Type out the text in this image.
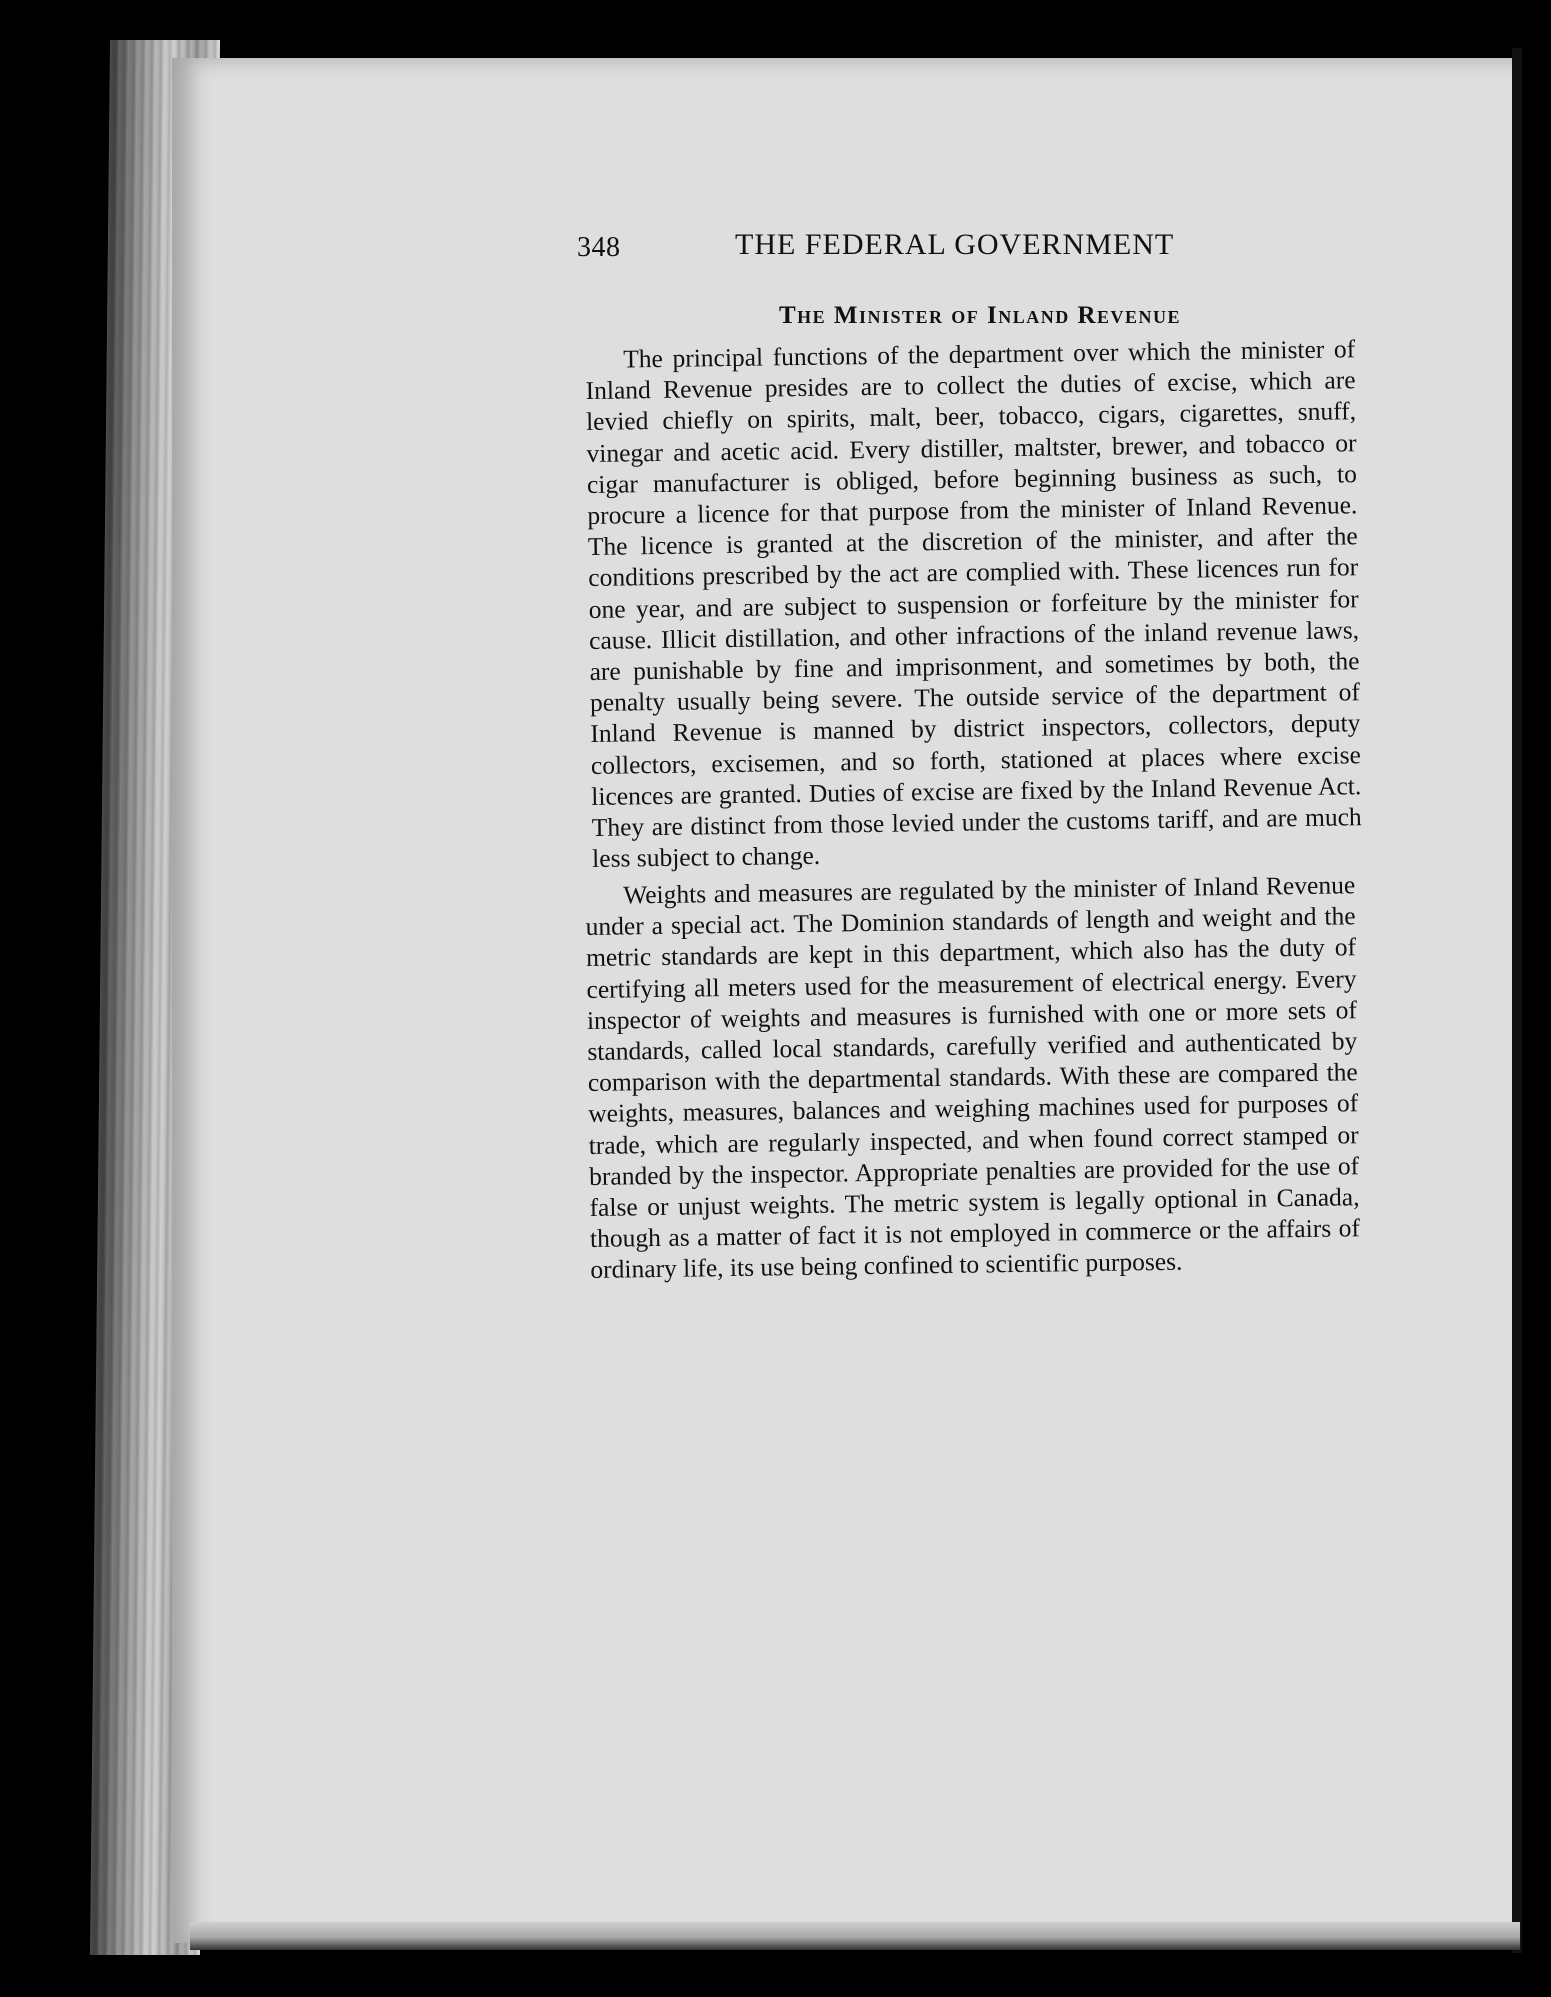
348	THE FEDERAL GOVERNMENT
The Minister of Inland Revenue

The principal functions of the department over which the minister of Inland Revenue presides are to collect the duties of excise, which are levied chiefly on spirits, malt, beer, tobacco, cigars, cigarettes, snuff, vinegar and acetic acid. Every distiller, maltster, brewer, and tobacco or cigar manufacturer is obliged, before beginning business as such, to procure a licence for that purpose from the minister of Inland Revenue. The licence is granted at the discretion of the minister, and after the conditions prescribed by the act are complied with. These licences run for one year, and are subject to suspension or forfeiture by the minister for cause. Illicit distillation, and other infractions of the inland revenue laws, are punishable by fine and imprisonment, and sometimes by both, the penalty usually being severe. The outside service of the department of Inland Revenue is manned by district inspectors, collectors, deputy collectors, excisemen, and so forth, stationed at places where excise licences are granted. Duties of excise are fixed by the Inland Revenue Act. They are distinct from those levied under the customs tariff, and are much less subject to change.

Weights and measures are regulated by the minister of Inland Revenue under a special act. The Dominion standards of length and weight and the metric standards are kept in this department, which also has the duty of certifying all meters used for the measurement of electrical energy. Every inspector of weights and measures is furnished with one or more sets of standards, called local standards, carefully verified and authenticated by comparison with the departmental standards. With these are compared the weights, measures, balances and weighing machines used for purposes of trade, which are regularly inspected, and when found correct stamped or branded by the inspector. Appropriate penalties are provided for the use of false or unjust weights. The metric system is legally optional in Canada, though as a matter of fact it is not employed in commerce or the affairs of ordinary life, its use being confined to scientific purposes.
